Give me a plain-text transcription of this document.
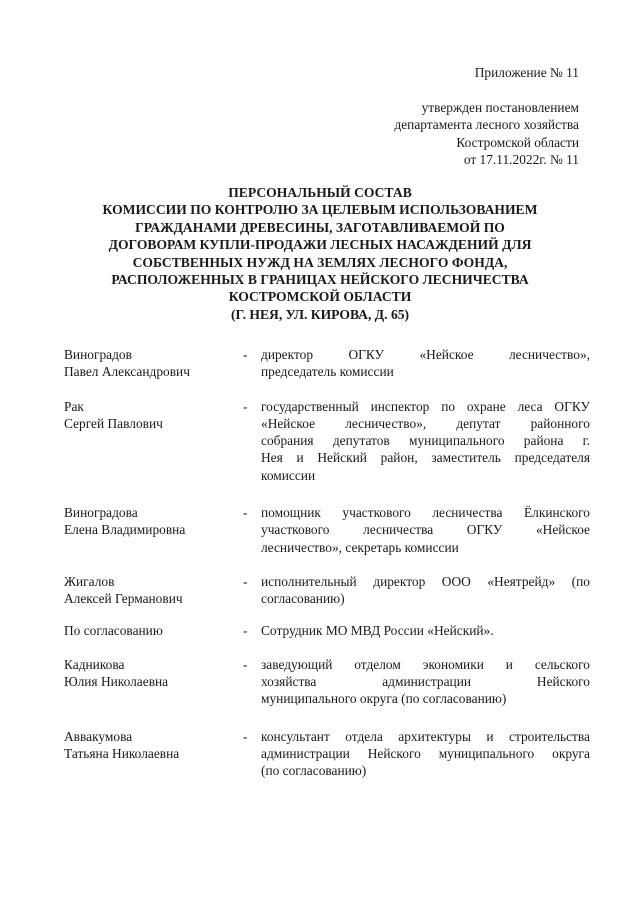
Приложение № 11
утвержден постановлением
департамента лесного хозяйства
Костромской области
от 17.11.2022г. № 11
ПЕРСОНАЛЬНЫЙ СОСТАВ
КОМИССИИ ПО КОНТРОЛЮ ЗА ЦЕЛЕВЫМ ИСПОЛЬЗОВАНИЕМ
ГРАЖДАНАМИ ДРЕВЕСИНЫ, ЗАГОТАВЛИВАЕМОЙ ПО
ДОГОВОРАМ КУПЛИ-ПРОДАЖИ ЛЕСНЫХ НАСАЖДЕНИЙ ДЛЯ
СОБСТВЕННЫХ НУЖД НА ЗЕМЛЯХ ЛЕСНОГО ФОНДА,
РАСПОЛОЖЕННЫХ В ГРАНИЦАХ НЕЙСКОГО ЛЕСНИЧЕСТВА
КОСТРОМСКОЙ ОБЛАСТИ
(Г. НЕЯ, УЛ. КИРОВА, Д. 65)
Виноградов
Павел Александрович
-	директор ОГКУ «Нейское лесничество»,
председатель комиссии
Рак
Сергей Павлович
-	государственный инспектор по охране леса ОГКУ
«Нейское лесничество», депутат районного
собрания депутатов муниципального района г.
Нея и Нейский район, заместитель председателя
комиссии
Виноградова
Елена Владимировна
-	помощник участкового лесничества Ёлкинского
участкового лесничества ОГКУ «Нейское
лесничество», секретарь комиссии
Жигалов
Алексей Германович
-	исполнительный директор ООО «Неятрейд» (по
согласованию)
По согласованию	-	Сотрудник МО МВД России «Нейский».
Кадникова
Юлия Николаевна
-	заведующий отделом экономики и сельского
хозяйства администрации Нейского
муниципального округа (по согласованию)
Аввакумова
Татьяна Николаевна
-	консультант отдела архитектуры и строительства
администрации Нейского муниципального округа
(по согласованию)
